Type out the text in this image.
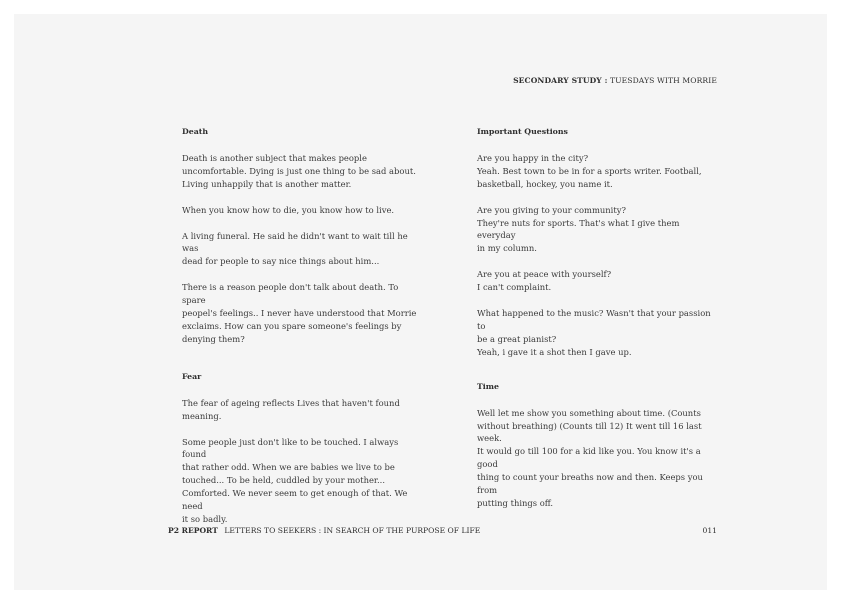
SECONDARY STUDY : TUESDAYS WITH MORRIE
Death

Death is another subject that makes people
uncomfortable. Dying is just one thing to be sad about.
Living unhappily that is another matter.

When you know how to die, you know how to live.

A living funeral. He said he didn't want to wait till he was
dead for people to say nice things about him...

There is a reason people don't talk about death. To spare
peopel's feelings.. I never have understood that Morrie
exclaims. How can you spare someone's feelings by
denying them?

Fear

The fear of ageing reflects Lives that haven't found
meaning.

Some people just don't like to be touched. I always found
that rather odd. When we are babies we live to be
touched... To be held, cuddled by your mother...
Comforted. We never seem to get enough of that. We need
it so badly.

Important Questions

Are you happy in the city?
Yeah. Best town to be in for a sports writer. Football,
basketball, hockey, you name it.

Are you giving to your community?
They're nuts for sports. That's what I give them everyday
in my column.

Are you at peace with yourself?
I can't complaint.

What happened to the music? Wasn't that your passion to
be a great pianist?
Yeah, i gave it a shot then I gave up.

Time

Well let me show you something about time. (Counts
without breathing) (Counts till 12) It went till 16 last week.
It would go till 100 for a kid like you. You know it's a good
thing to count your breaths now and then. Keeps you from
putting things off.

P2 REPORT LETTERS TO SEEKERS : IN SEARCH OF THE PURPOSE OF LIFE	011
